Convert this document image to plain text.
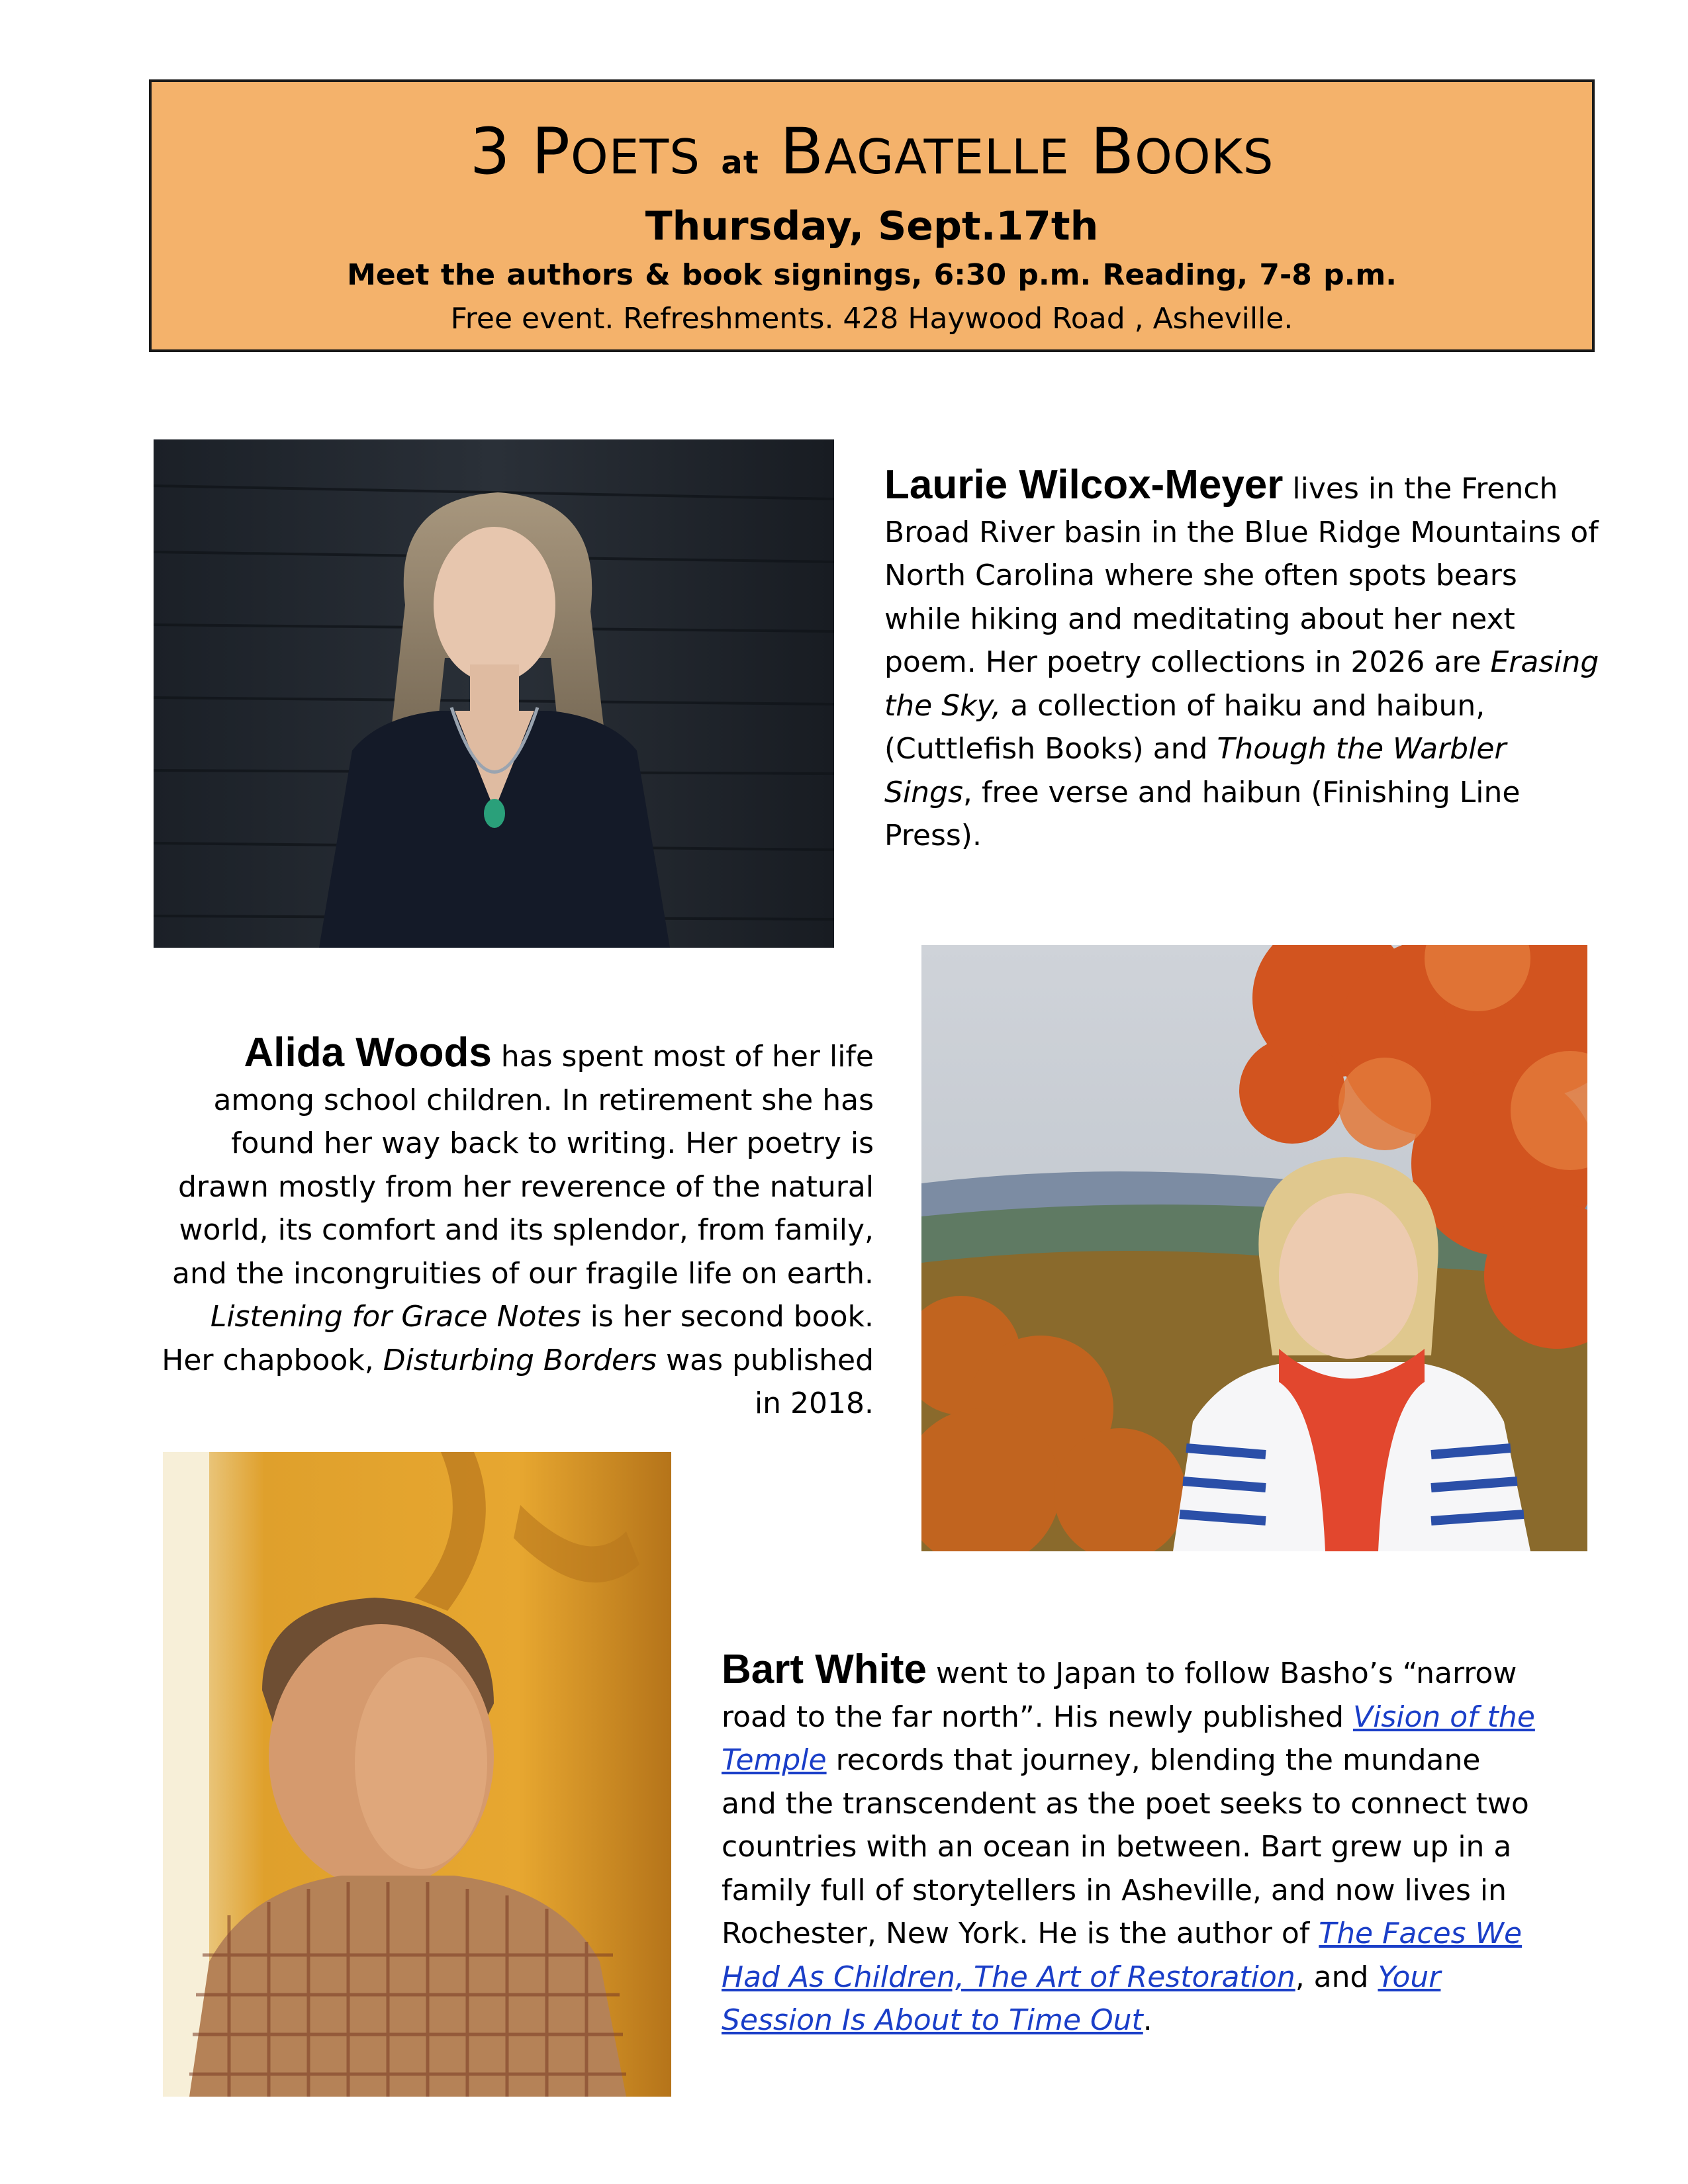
3 POETS at BAGATELLE BOOKS
Thursday, Sept.17th
Meet the authors & book signings, 6:30 p.m. Reading, 7-8 p.m.
Free event. Refreshments. 428 Haywood Road , Asheville.
Laurie Wilcox-Meyer lives in the French Broad River basin in the Blue Ridge Mountains of North Carolina where she often spots bears while hiking and meditating about her next poem. Her poetry collections in 2026 are Erasing the Sky, a collection of haiku and haibun, (Cuttlefish Books) and Though the Warbler Sings, free verse and haibun (Finishing Line Press).
Alida Woods has spent most of her life among school children. In retirement she has found her way back to writing. Her poetry is drawn mostly from her reverence of the natural world, its comfort and its splendor, from family, and the incongruities of our fragile life on earth. Listening for Grace Notes is her second book. Her chapbook, Disturbing Borders was published
in 2018.
Bart White went to Japan to follow Basho’s “narrow road to the far north”. His newly published Vision of the Temple records that journey, blending the mundane and the transcendent as the poet seeks to connect two countries with an ocean in between. Bart grew up in a family full of storytellers in Asheville, and now lives in Rochester, New York. He is the author of The Faces We Had As Children, The Art of Restoration, and Your Session Is About to Time Out.
